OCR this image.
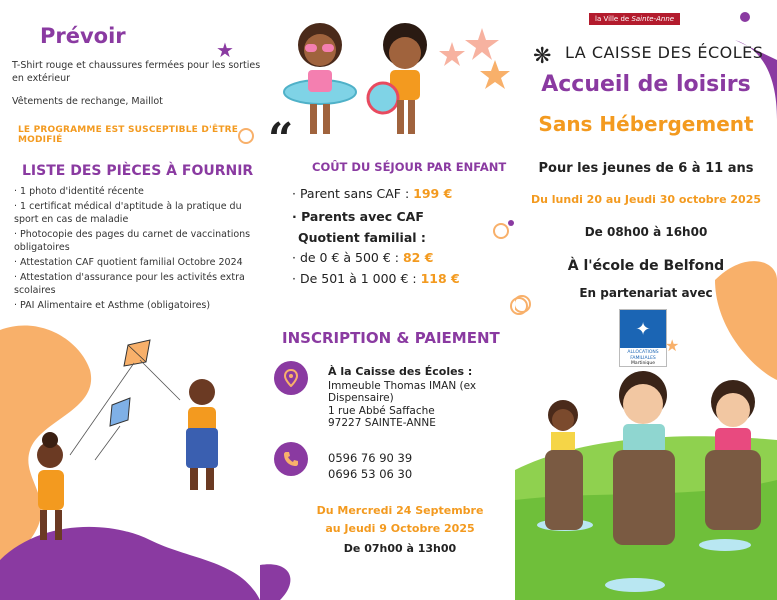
Prévoir
★
T-Shirt rouge et chaussures fermées pour les sorties en extérieur
Vêtements de rechange, Maillot
LE PROGRAMME EST SUSCEPTIBLE D'ÊTRE MODIFIÉ
LISTE DES PIÈCES À FOURNIR
· 1 photo d'identité récente
· 1 certificat médical d'aptitude à la pratique du sport en cas de maladie
· Photocopie des pages du carnet de vaccinations obligatoires
· Attestation CAF quotient familial Octobre 2024
· Attestation d'assurance pour les activités extra scolaires
· PAI Alimentaire et Asthme (obligatoires)
“
COÛT DU SÉJOUR PAR ENFANT
· Parent sans CAF : 199 €
· Parents avec CAF
Quotient familial :
· de 0 € à 500 € : 82 €
· De 501 à 1 000 € : 118 €
INSCRIPTION & PAIEMENT
À la Caisse des Écoles :
Immeuble Thomas IMAN (ex Dispensaire)
1 rue Abbé Saffache
97227 SAINTE-ANNE
0596 76 90 39
0696 53 06 30
Du Mercredi 24 Septembre
au Jeudi 9 Octobre 2025
De 07h00 à 13h00
la Ville de Sainte-Anne
❋ LA CAISSE DES ÉCOLES
Accueil de loisirs
Sans Hébergement
Pour les jeunes de 6 à 11 ans
Du lundi 20 au Jeudi 30 octobre 2025
De 08h00 à 16h00
À l'école de Belfond
En partenariat avec
✦
ALLOCATIONS
FAMILIALES
Martinique
★
